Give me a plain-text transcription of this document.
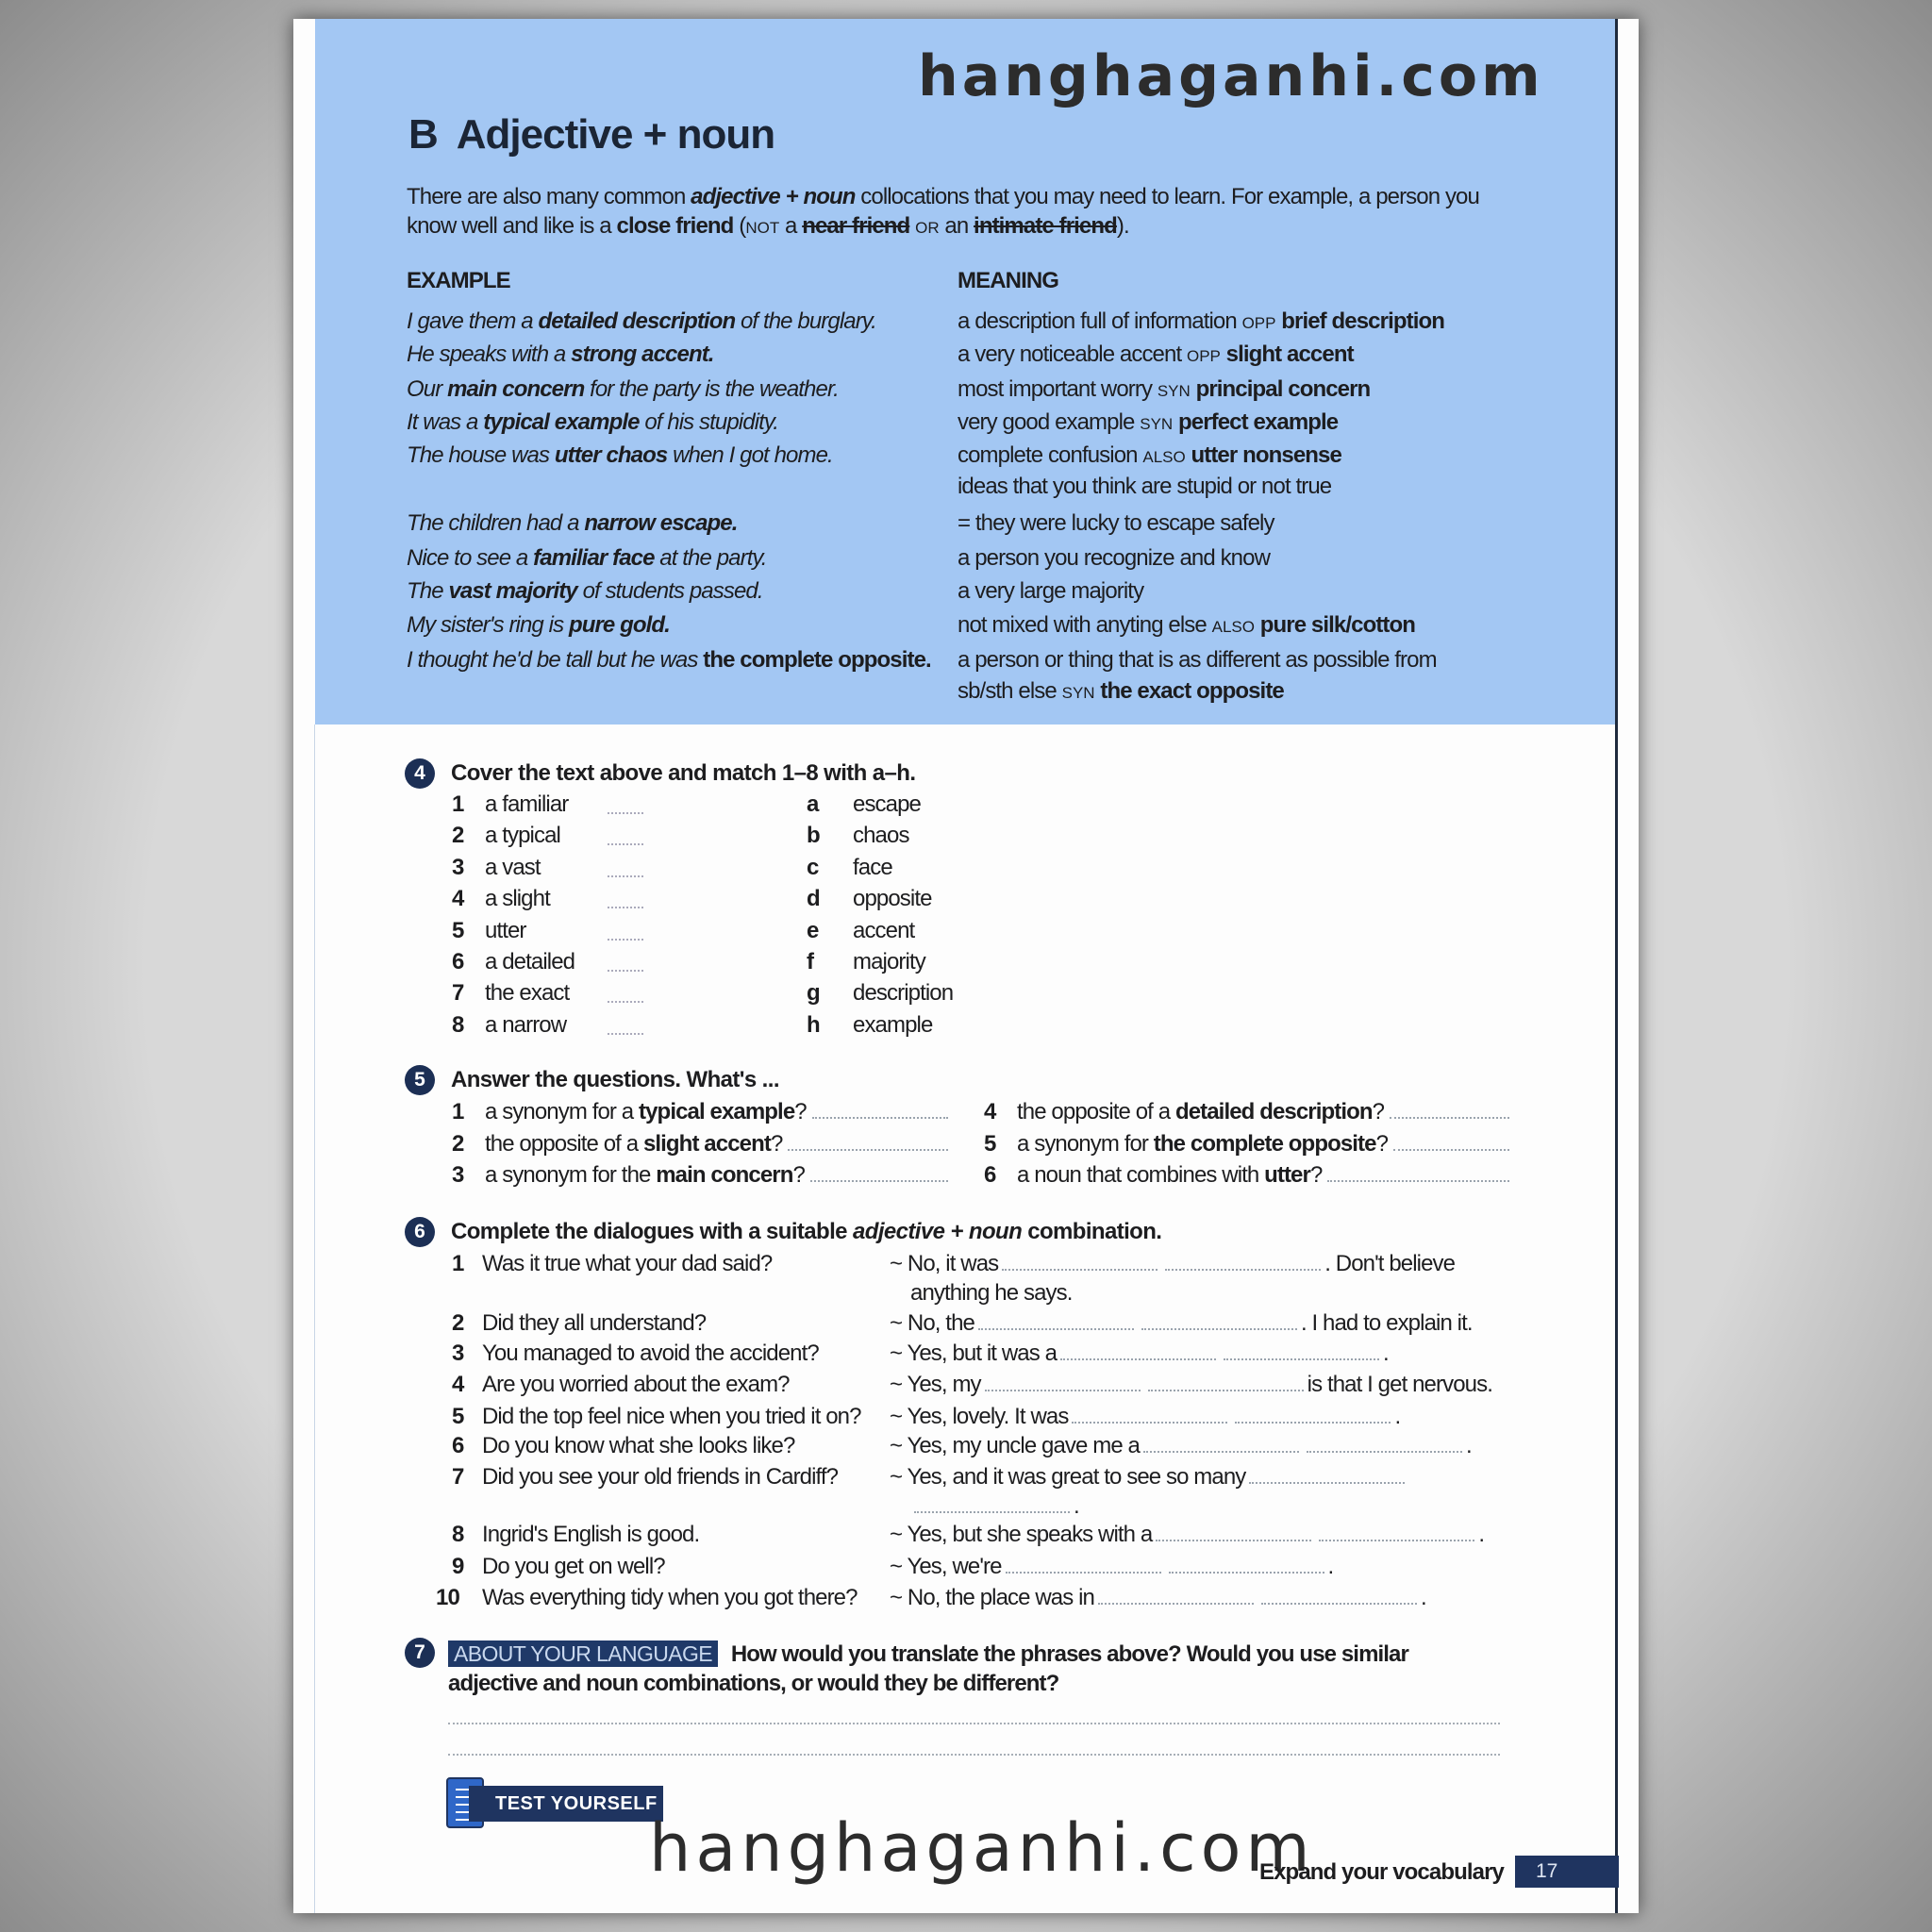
hanghaganhi.com
B Adjective + noun
There are also many common adjective + noun collocations that you may need to learn. For example, a person you
know well and like is a close friend (NOT a near friend OR an intimate friend).
EXAMPLE	MEANING
I gave them a detailed description of the burglary.	a description full of information OPP brief description
He speaks with a strong accent.	a very noticeable accent OPP slight accent
Our main concern for the party is the weather.	most important worry SYN principal concern
It was a typical example of his stupidity.	very good example SYN perfect example
The house was utter chaos when I got home.	complete confusion ALSO utter nonsense
ideas that you think are stupid or not true
The children had a narrow escape.	= they were lucky to escape safely
Nice to see a familiar face at the party.	a person you recognize and know
The vast majority of students passed.	a very large majority
My sister's ring is pure gold.	not mixed with anyting else ALSO pure silk/cotton
I thought he'd be tall but he was the complete opposite. a person or thing that is as different as possible from
sb/sth else SYN the exact opposite
4	Cover the text above and match 1–8 with a–h.
1 a familiar	a escape
2 a typical	b chaos
3 a vast	c face
4 a slight	d opposite
5 utter	e accent
6 a detailed	f majority
7 the exact	g description
8 a narrow	h example
5	Answer the questions. What's ...
1 a synonym for a typical example?
2 the opposite of a slight accent?
3 a synonym for the main concern?
4 the opposite of a detailed description?
5 a synonym for the complete opposite?
6 a noun that combines with utter?
6	Complete the dialogues with a suitable adjective + noun combination.
1 Was it true what your dad said?	~ No, it was	. Don't believe
anything he says.
2 Did they all understand?	~ No, the	. I had to explain it.
3 You managed to avoid the accident?	~ Yes, but it was a	.
4 Are you worried about the exam?	~ Yes, my	is that I get nervous.
5 Did the top feel nice when you tried it on? ~ Yes, lovely. It was	.
6 Do you know what she looks like?	~ Yes, my uncle gave me a	.
7 Did you see your old friends in Cardiff? ~ Yes, and it was great to see so many
.
8 Ingrid's English is good.	~ Yes, but she speaks with a	.
9 Do you get on well?	~ Yes, we're	.
10 Was everything tidy when you got there? ~ No, the place was in	.
7	ABOUT YOUR LANGUAGE How would you translate the phrases above? Would you use similar
adjective and noun combinations, or would they be different?
TEST YOURSELF
hanghaganhi.com
Expand your vocabulary	17
